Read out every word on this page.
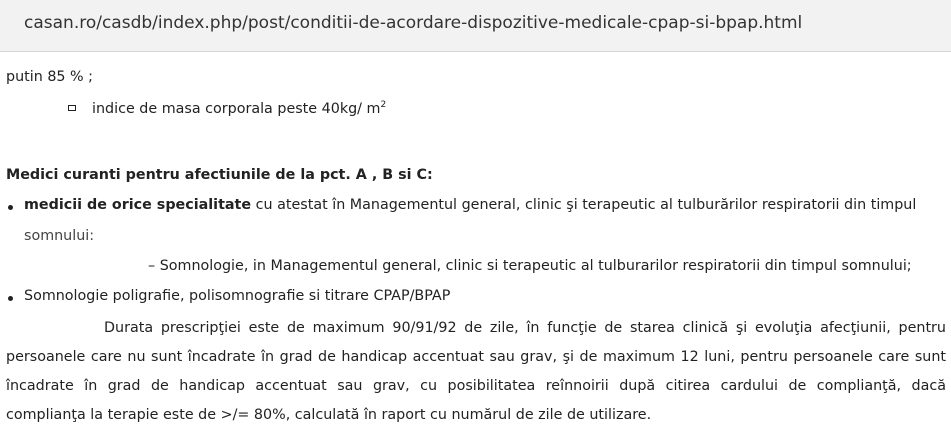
casan.ro/casdb/index.php/post/conditii-de-acordare-dispozitive-medicale-cpap-si-bpap.html
putin 85 % ;
indice de masa corporala peste 40kg/ $m^2$
Medici curanti pentru afectiunile de la pct. A , B si C:
medicii de orice specialitate cu atestat în Managementul general, clinic şi terapeutic al tulburărilor respiratorii din timpul
somnului:
– Somnologie, in Managementul general, clinic si terapeutic al tulburarilor respiratorii din timpul somnului;
Somnologie poligrafie, polisomnografie si titrare CPAP/BPAP
Durata prescripţiei este de maximum 90/91/92 de zile, în funcţie de starea clinică şi evoluţia afecţiunii, pentru
persoanele care nu sunt încadrate în grad de handicap accentuat sau grav, şi de maximum 12 luni, pentru persoanele care sunt
încadrate în grad de handicap accentuat sau grav, cu posibilitatea reînnoirii după citirea cardului de complianţă, dacă
complianţa la terapie este de >/= 80%, calculată în raport cu numărul de zile de utilizare.
